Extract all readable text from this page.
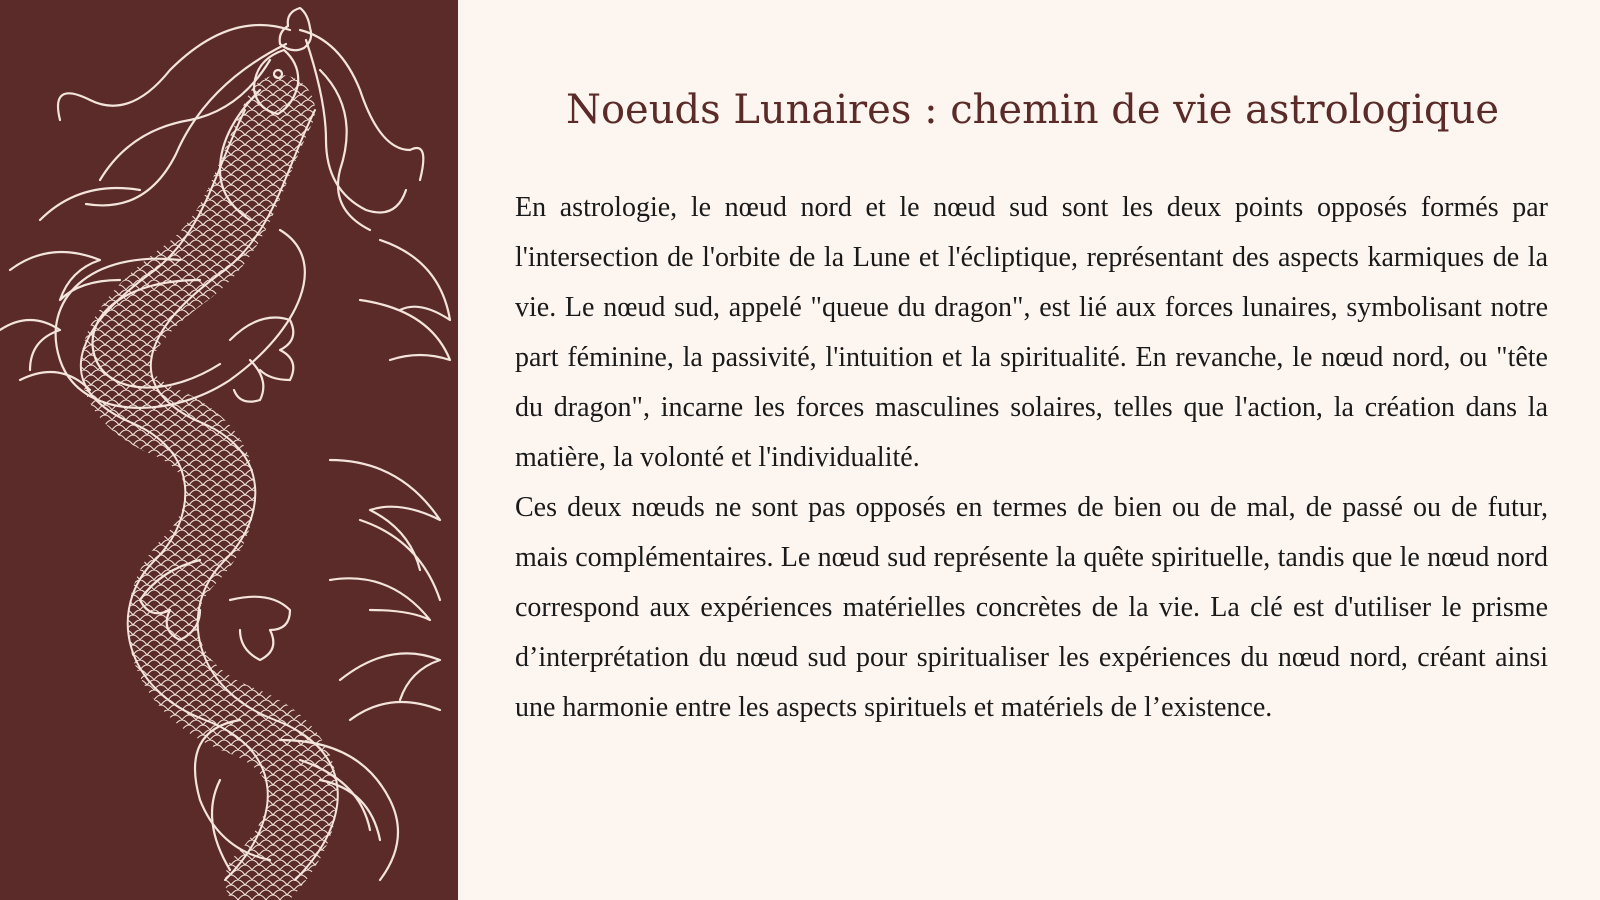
Noeuds Lunaires : chemin de vie astrologique

En astrologie, le nœud nord et le nœud sud sont les deux points opposés formés par l'intersection de l'orbite de la Lune et l'écliptique, représentant des aspects karmiques de la vie. Le nœud sud, appelé "queue du dragon", est lié aux forces lunaires, symbolisant notre part féminine, la passivité, l'intuition et la spiritualité. En revanche, le nœud nord, ou "tête du dragon", incarne les forces masculines solaires, telles que l'action, la création dans la matière, la volonté et l'individualité.

Ces deux nœuds ne sont pas opposés en termes de bien ou de mal, de passé ou de futur, mais complémentaires. Le nœud sud représente la quête spirituelle, tandis que le nœud nord correspond aux expériences matérielles concrètes de la vie. La clé est d'utiliser le prisme d’interprétation du nœud sud pour spiritualiser les expériences du nœud nord, créant ainsi une harmonie entre les aspects spirituels et matériels de l’existence.
